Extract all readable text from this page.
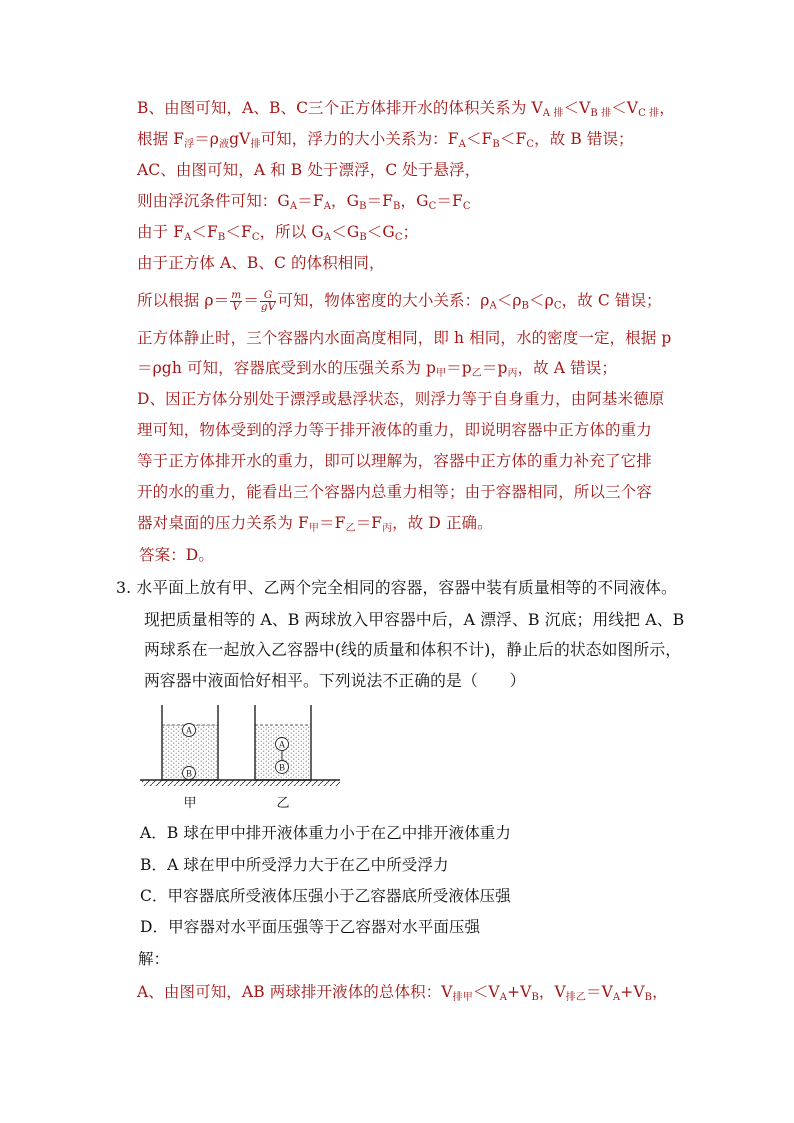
B、由图可知，A、B、C三个正方体排开水的体积关系为 $V_{A 排}<V_{B 排}<V_{C 排}$，
根据 $F_浮=\rho_液gV_排$可知，浮力的大小关系为：$F_A<F_B<F_C$，故 B 错误；
AC、由图可知，A 和 B 处于漂浮，C 处于悬浮，
则由浮沉条件可知：$G_A=F_A$，$G_B=F_B$，$G_C=F_C$
由于 $F_A<F_B<F_C$，所以 $G_A<G_B<G_C$；
由于正方体 A、B、C 的体积相同，
所以根据 $\rho= \frac{m}{V} = \frac{G}{gV}$ 可知，物体密度的大小关系：$\rho_A<\rho_B<\rho_C$，故 C 错误；
正方体静止时，三个容器内水面高度相同，即 h 相同，水的密度一定，根据 p
＝ρgh 可知，容器底受到水的压强关系为 $p_甲=p_乙=p_丙$，故 A 错误；
D、因正方体分别处于漂浮或悬浮状态，则浮力等于自身重力，由阿基米德原
理可知，物体受到的浮力等于排开液体的重力，即说明容器中正方体的重力
等于正方体排开水的重力，即可以理解为，容器中正方体的重力补充了它排
开的水的重力，能看出三个容器内总重力相等；由于容器相同，所以三个容
器对桌面的压力关系为 $F_甲=F_乙=F_丙$，故 D 正确。
答案：D。
3. 水平面上放有甲、乙两个完全相同的容器，容器中装有质量相等的不同液体。
现把质量相等的 A、B 两球放入甲容器中后，A 漂浮、B 沉底；用线把 A、B
两球系在一起放入乙容器中(线的质量和体积不计)，静止后的状态如图所示，
两容器中液面恰好相平。下列说法不正确的是（　　）
A
B
A
B
甲	乙
A．B 球在甲中排开液体重力小于在乙中排开液体重力
B．A 球在甲中所受浮力大于在乙中所受浮力
C．甲容器底所受液体压强小于乙容器底所受液体压强
D．甲容器对水平面压强等于乙容器对水平面压强
解：
A、由图可知，AB 两球排开液体的总体积：$V_{排甲}<V_A+V_B$，$V_{排乙}=V_A+V_B$，
